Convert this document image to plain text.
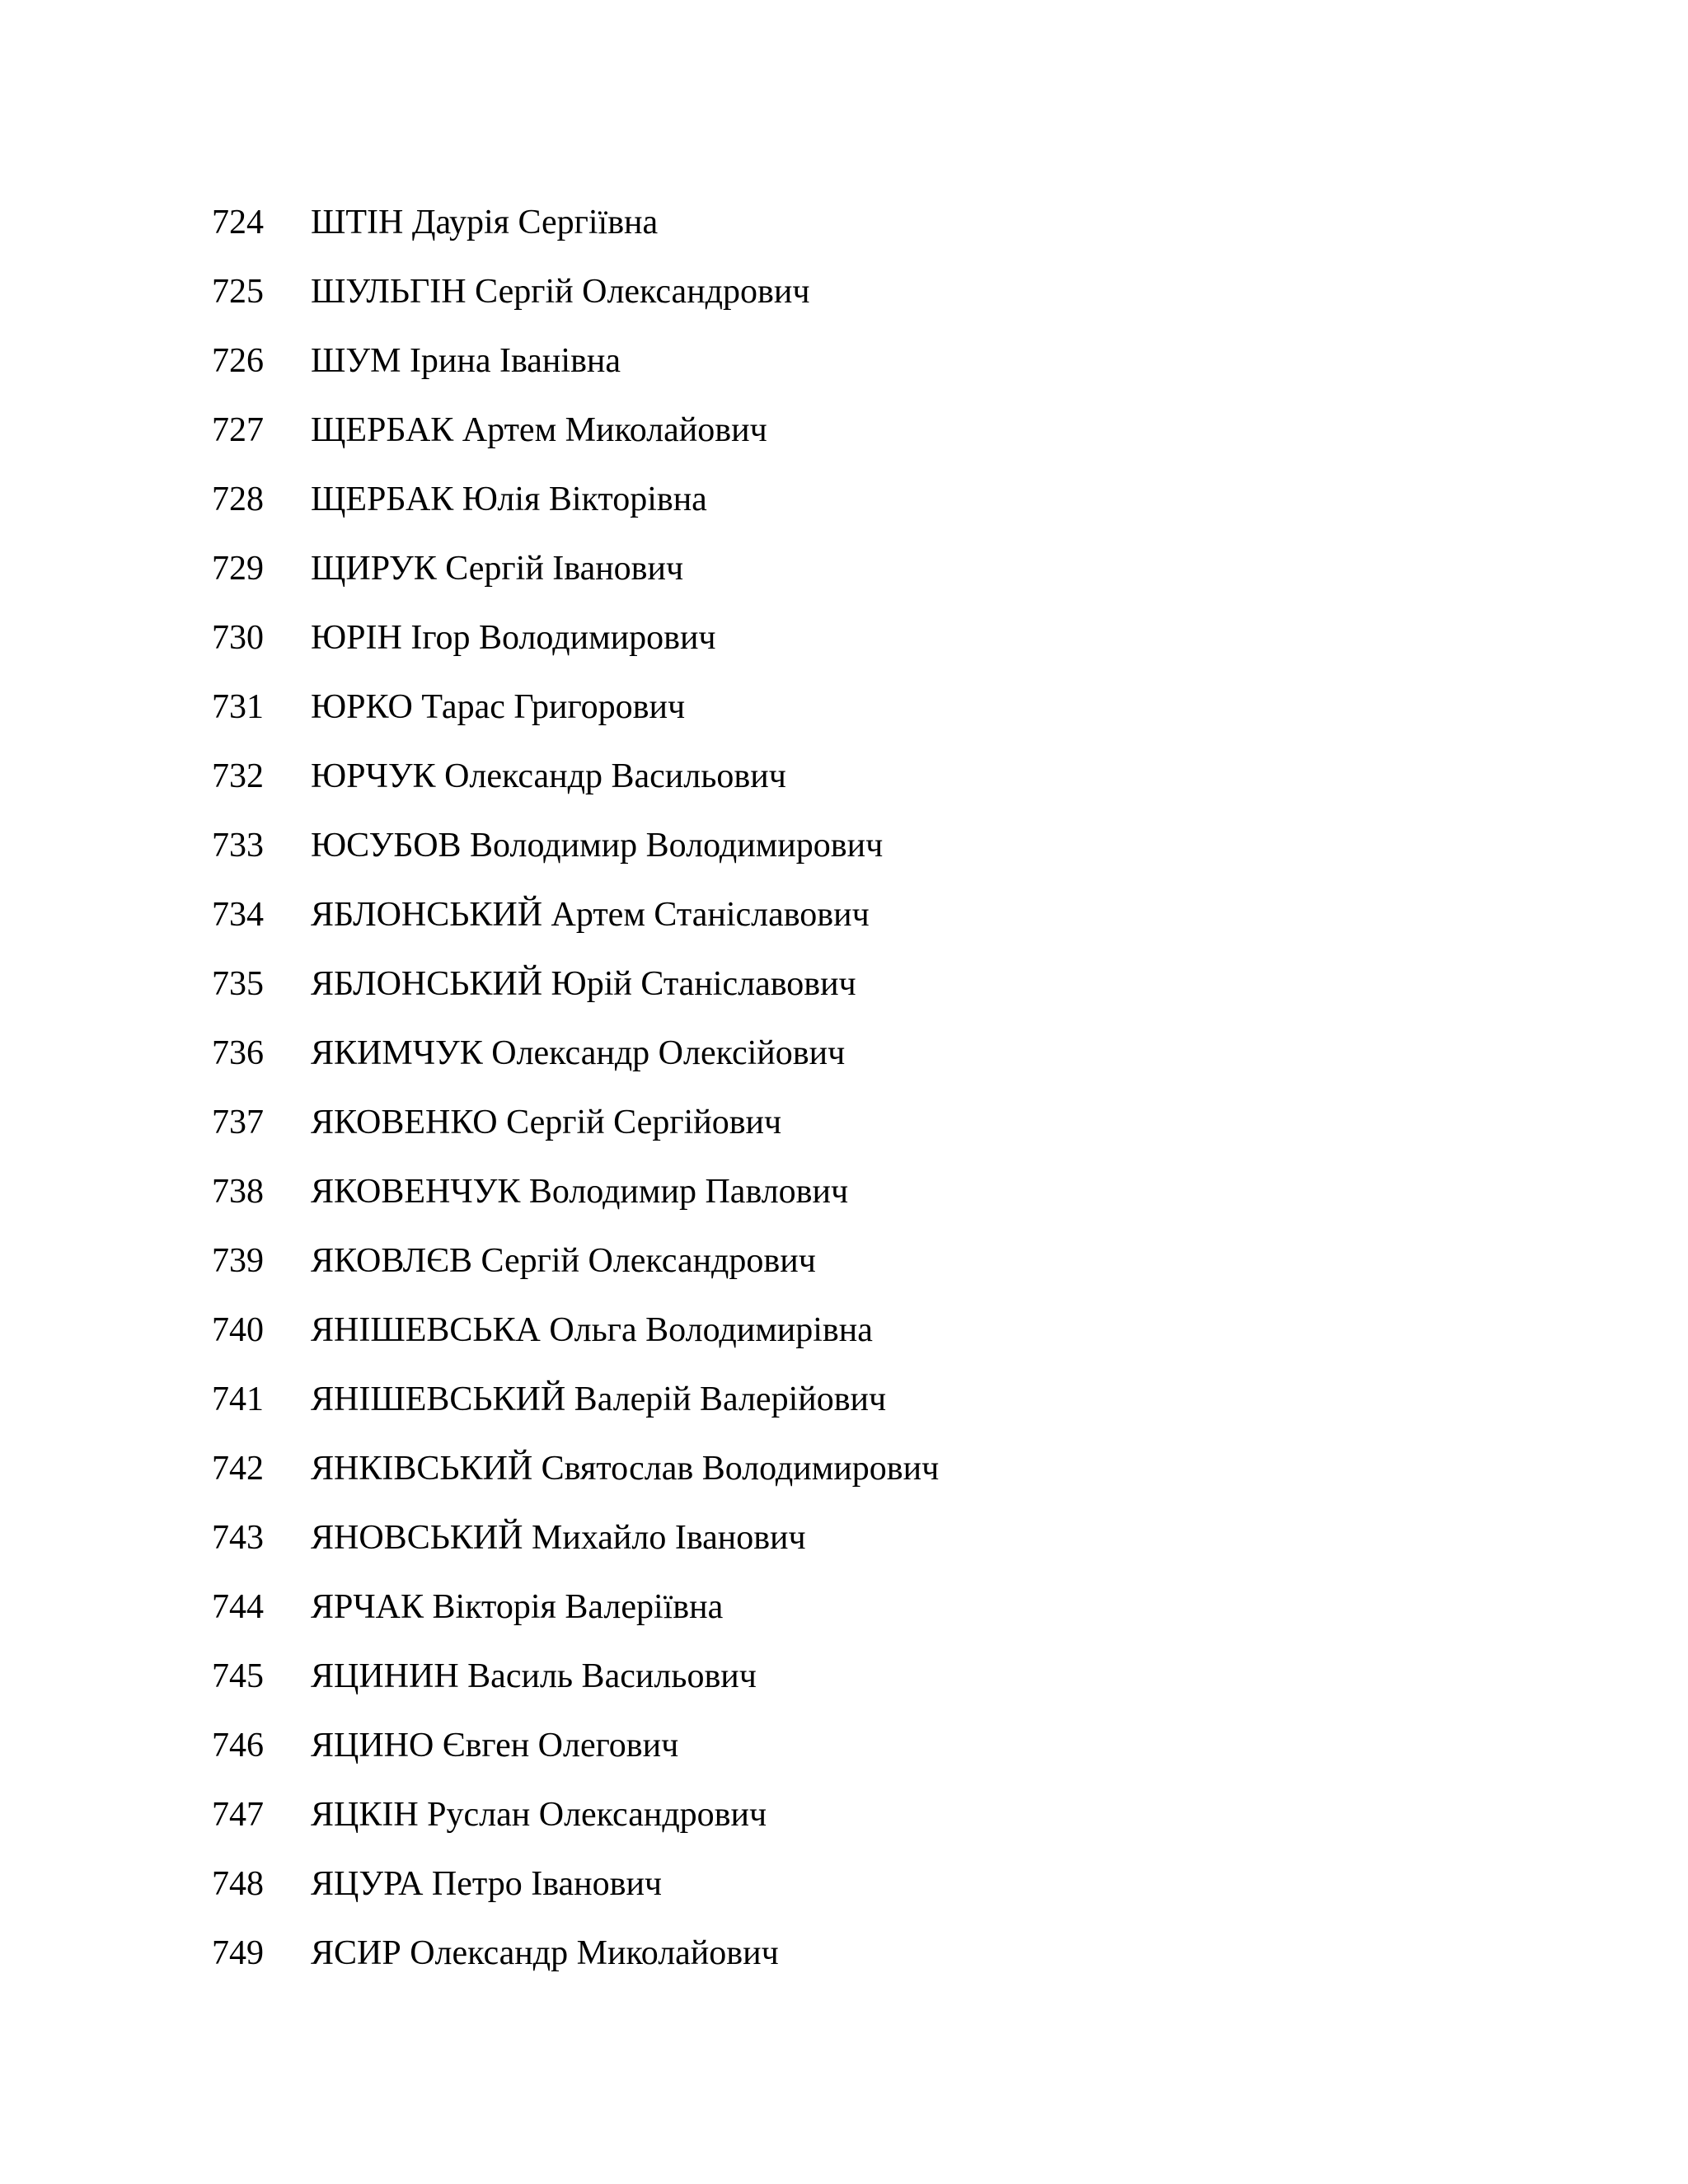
724	ШТІН Даурія Сергіївна
725	ШУЛЬГІН Сергій Олександрович
726	ШУМ Ірина Іванівна
727	ЩЕРБАК Артем Миколайович
728	ЩЕРБАК Юлія Вікторівна
729	ЩИРУК Сергій Іванович
730	ЮРІН Ігор Володимирович
731	ЮРКО Тарас Григорович
732	ЮРЧУК Олександр Васильович
733	ЮСУБОВ Володимир Володимирович
734	ЯБЛОНСЬКИЙ Артем Станіславович
735	ЯБЛОНСЬКИЙ Юрій Станіславович
736	ЯКИМЧУК Олександр Олексійович
737	ЯКОВЕНКО Сергій Сергійович
738	ЯКОВЕНЧУК Володимир Павлович
739	ЯКОВЛЄВ Сергій Олександрович
740	ЯНІШЕВСЬКА Ольга Володимирівна
741	ЯНІШЕВСЬКИЙ Валерій Валерійович
742	ЯНКІВСЬКИЙ Святослав Володимирович
743	ЯНОВСЬКИЙ Михайло Іванович
744	ЯРЧАК Вікторія Валеріївна
745	ЯЦИНИН Василь Васильович
746	ЯЦИНО Євген Олегович
747	ЯЦКІН Руслан Олександрович
748	ЯЦУРА Петро Іванович
749	ЯСИР Олександр Миколайович
